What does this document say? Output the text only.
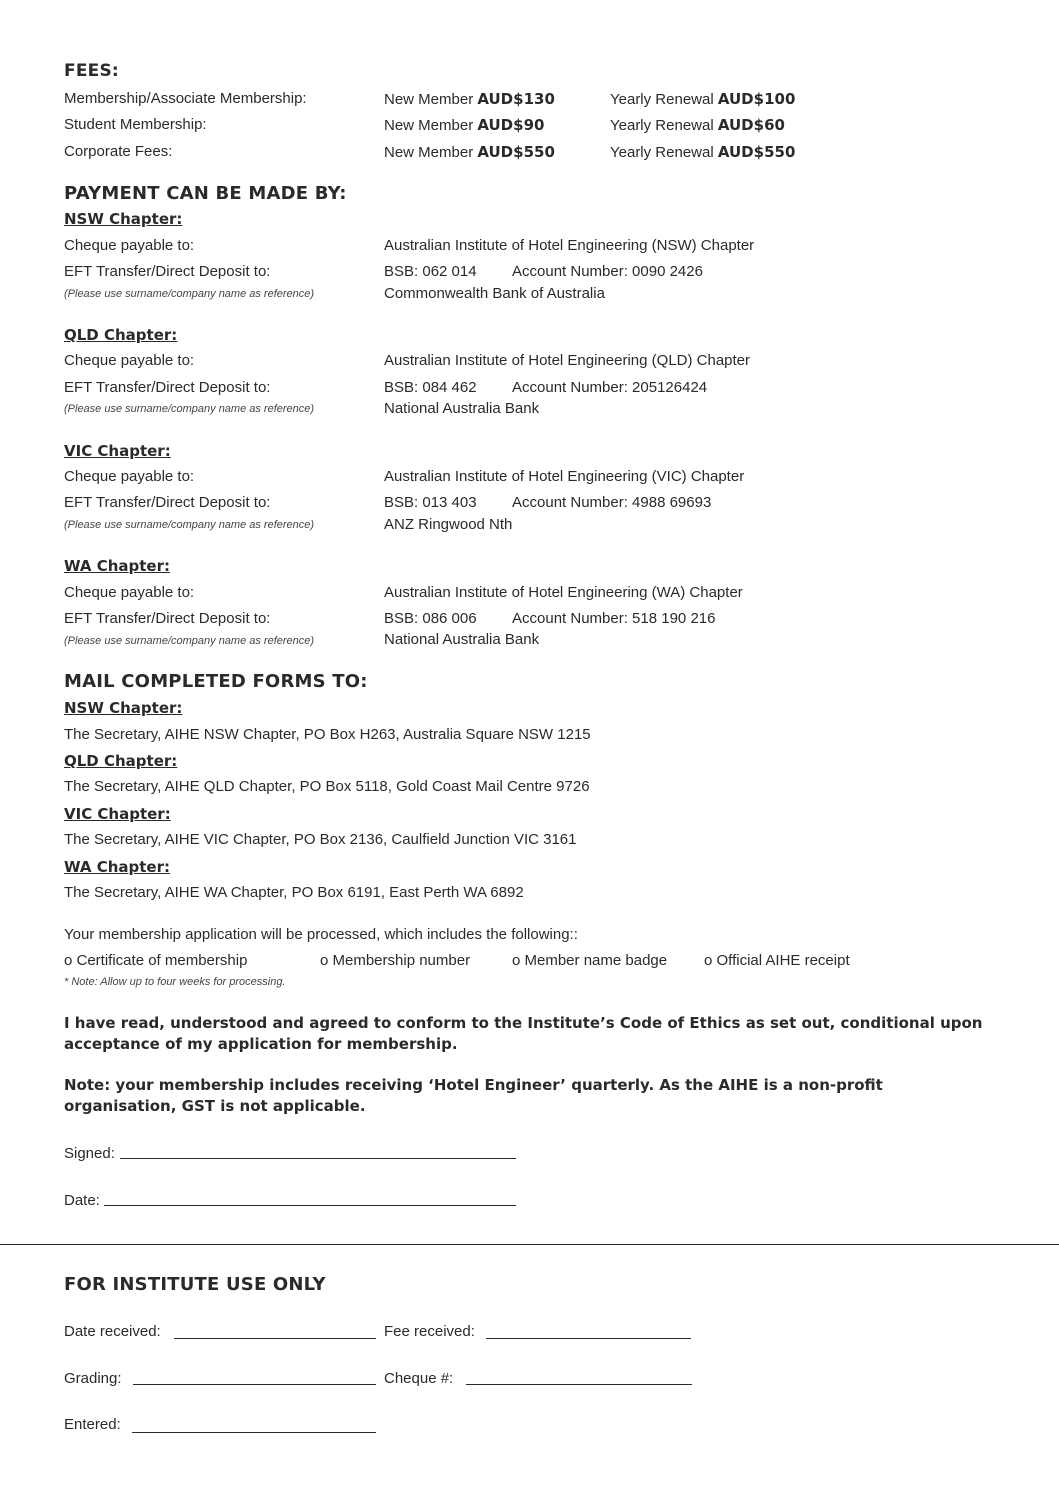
FEES:
Membership/Associate Membership:	New Member AUD$130	Yearly Renewal AUD$100
Student Membership:	New Member AUD$90	Yearly Renewal AUD$60
Corporate Fees:	New Member AUD$550	Yearly Renewal AUD$550
PAYMENT CAN BE MADE BY:
NSW Chapter:
Cheque payable to:	Australian Institute of Hotel Engineering (NSW) Chapter
EFT Transfer/Direct Deposit to:	BSB: 062 014 Account Number: 0090 2426
(Please use surname/company name as reference)	Commonwealth Bank of Australia
QLD Chapter:
Cheque payable to:	Australian Institute of Hotel Engineering (QLD) Chapter
EFT Transfer/Direct Deposit to:	BSB: 084 462 Account Number: 205126424
(Please use surname/company name as reference)	National Australia Bank
VIC Chapter:
Cheque payable to:	Australian Institute of Hotel Engineering (VIC) Chapter
EFT Transfer/Direct Deposit to:	BSB: 013 403 Account Number: 4988 69693
(Please use surname/company name as reference)	ANZ Ringwood Nth
WA Chapter:
Cheque payable to:	Australian Institute of Hotel Engineering (WA) Chapter
EFT Transfer/Direct Deposit to:	BSB: 086 006 Account Number: 518 190 216
(Please use surname/company name as reference)	National Australia Bank
MAIL COMPLETED FORMS TO:
NSW Chapter:
The Secretary, AIHE NSW Chapter, PO Box H263, Australia Square NSW 1215
QLD Chapter:
The Secretary, AIHE QLD Chapter, PO Box 5118, Gold Coast Mail Centre 9726
VIC Chapter:
The Secretary, AIHE VIC Chapter, PO Box 2136, Caulfield Junction VIC 3161
WA Chapter:
The Secretary, AIHE WA Chapter, PO Box 6191, East Perth WA 6892
Your membership application will be processed, which includes the following::
o Certificate of membership	o Membership number	o Member name badge o Official AIHE receipt
* Note: Allow up to four weeks for processing.
I have read, understood and agreed to conform to the Institute’s Code of Ethics as set out, conditional upon acceptance of my application for membership.
Note: your membership includes receiving ‘Hotel Engineer’ quarterly. As the AIHE is a non-profit organisation, GST is not applicable.
Signed:
Date:
FOR INSTITUTE USE ONLY
Date received:	Fee received:
Grading:	Cheque #:
Entered:
